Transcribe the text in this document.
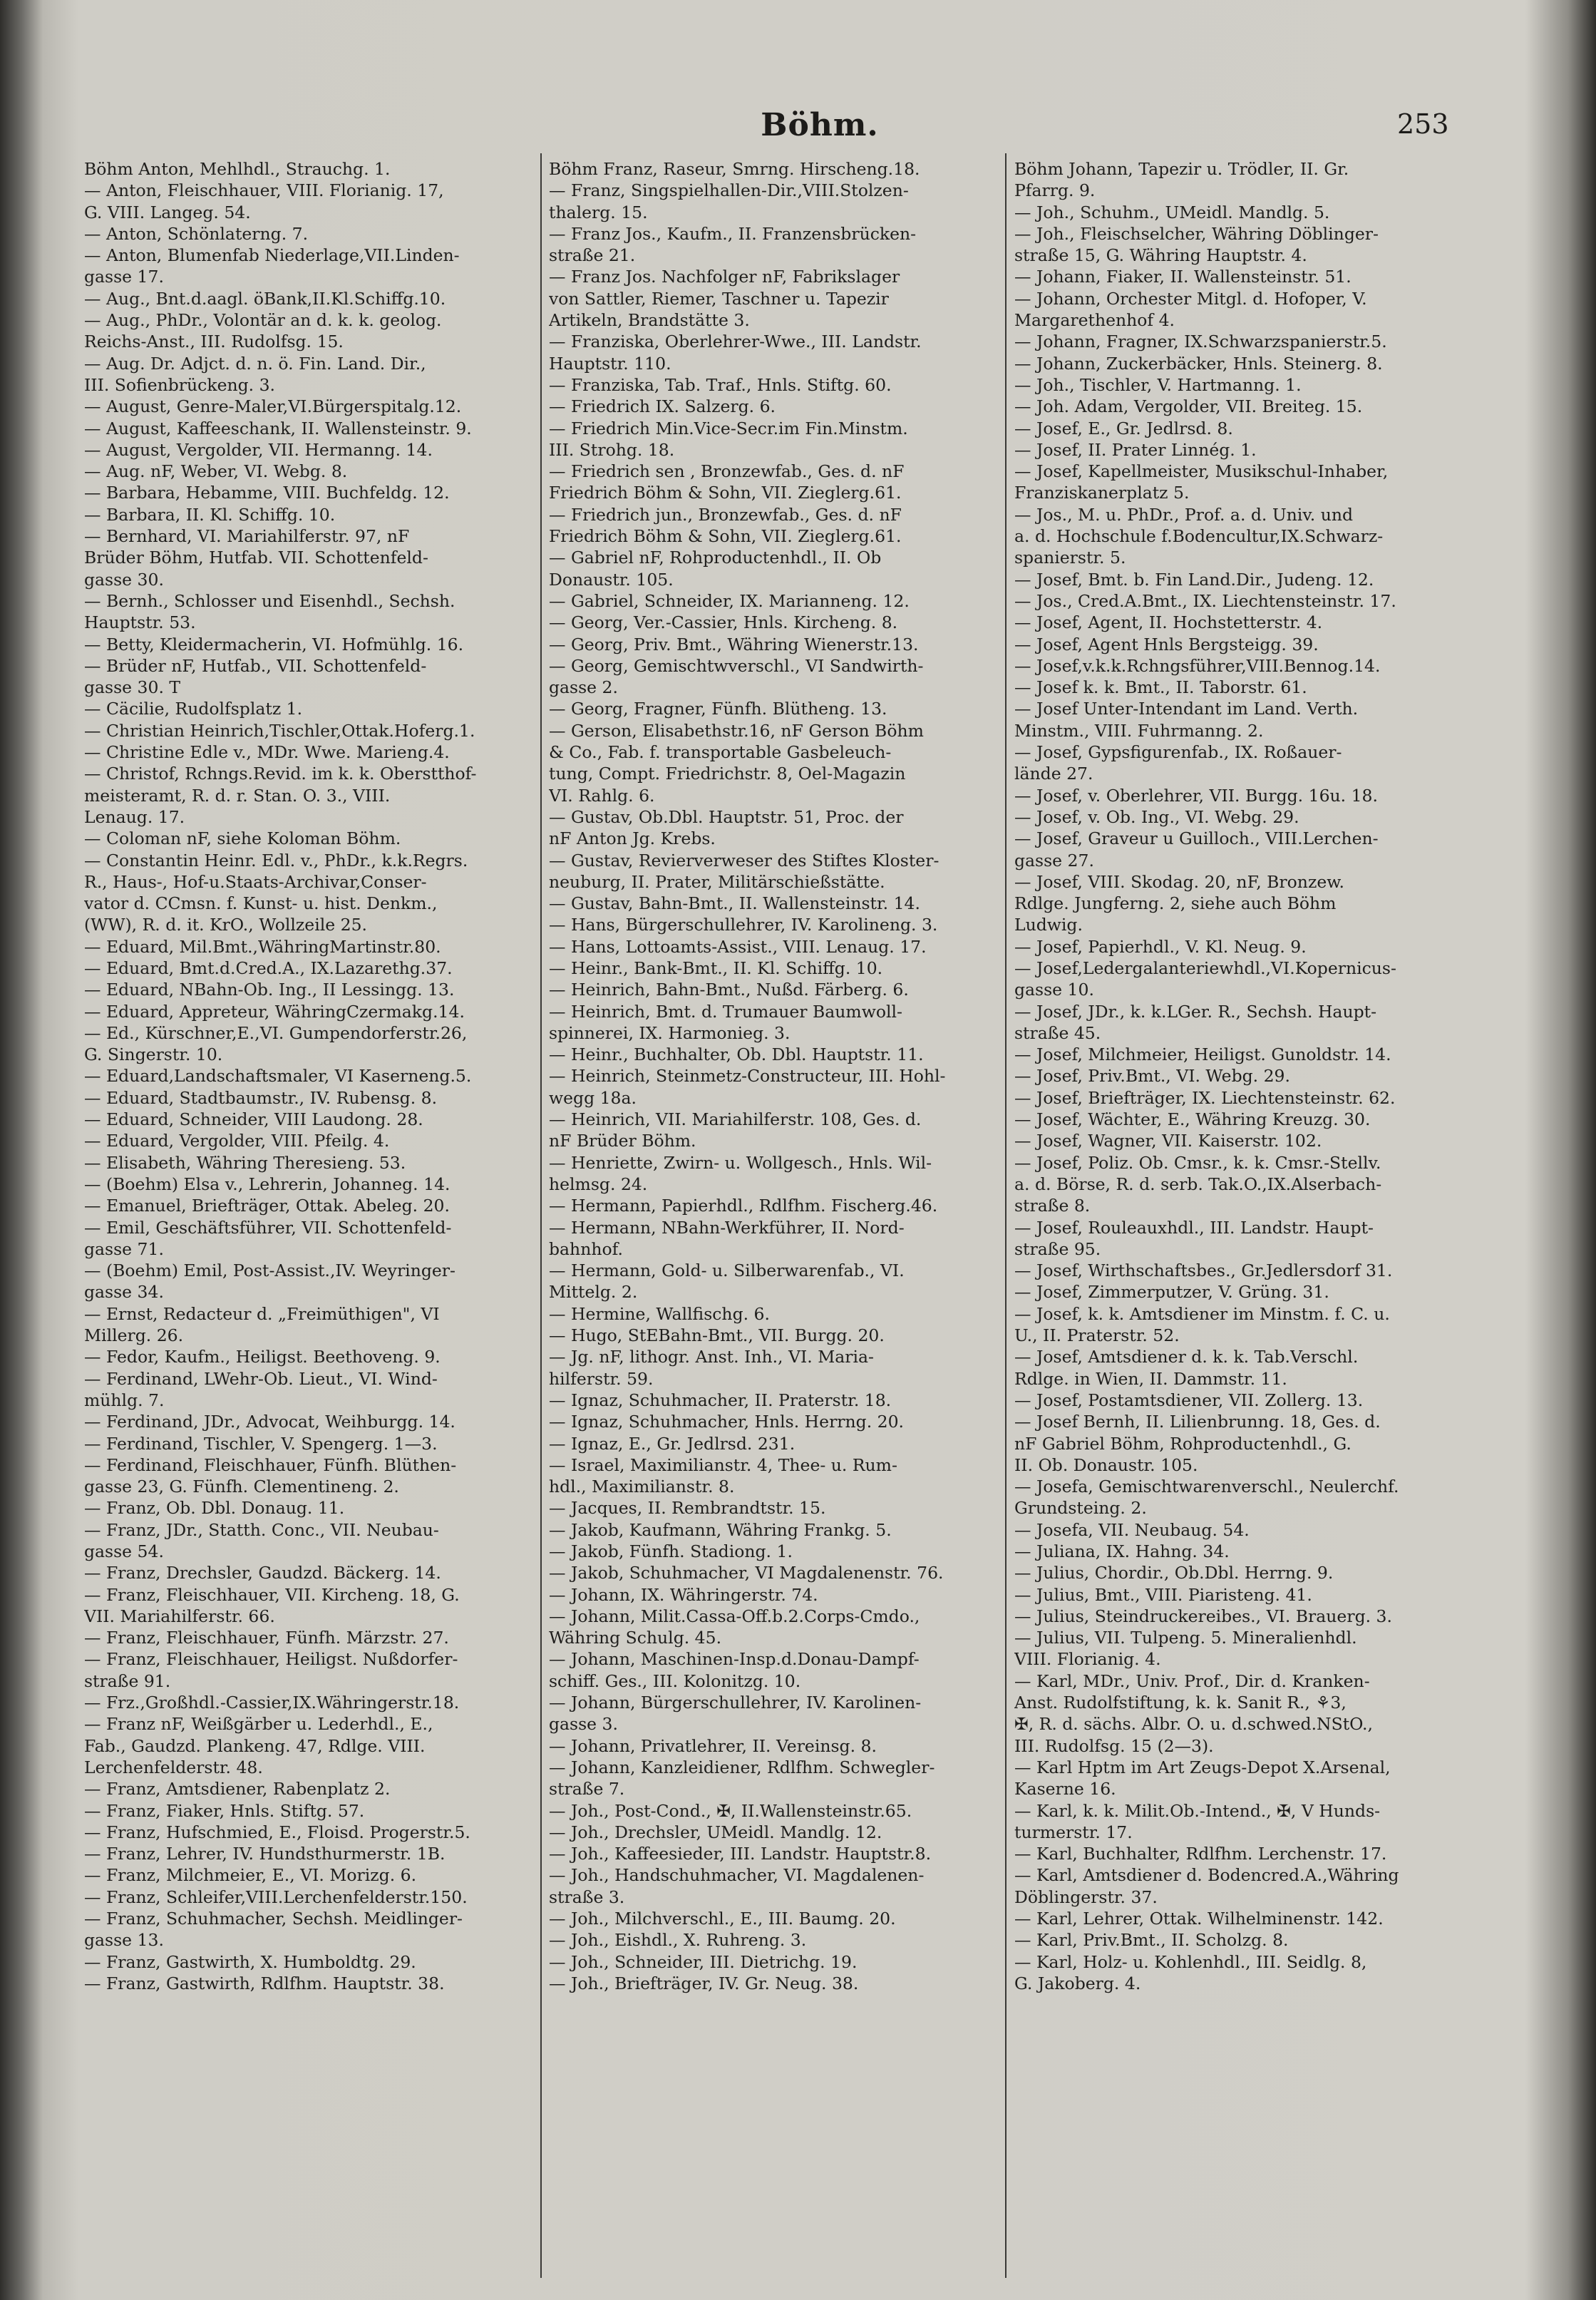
Böhm.	253
Böhm Anton, Mehlhdl., Strauchg. 1.
— Anton, Fleischhauer, VIII. Florianig. 17,
G. VIII. Langeg. 54.
— Anton, Schönlaterng. 7.
— Anton, Blumenfab Niederlage,VII.Linden-
gasse 17.
— Aug., Bnt.d.aagl. öBank,II.Kl.Schiffg.10.
— Aug., PhDr., Volontär an d. k. k. geolog.
Reichs-Anst., III. Rudolfsg. 15.
— Aug. Dr. Adjct. d. n. ö. Fin. Land. Dir.,
III. Sofienbrückeng. 3.
— August, Genre-Maler,VI.Bürgerspitalg.12.
— August, Kaffeeschank, II. Wallensteinstr. 9.
— August, Vergolder, VII. Hermanng. 14.
— Aug. nF, Weber, VI. Webg. 8.
— Barbara, Hebamme, VIII. Buchfeldg. 12.
— Barbara, II. Kl. Schiffg. 10.
— Bernhard, VI. Mariahilferstr. 97, nF
Brüder Böhm, Hutfab. VII. Schottenfeld-
gasse 30.
— Bernh., Schlosser und Eisenhdl., Sechsh.
Hauptstr. 53.
— Betty, Kleidermacherin, VI. Hofmühlg. 16.
— Brüder nF, Hutfab., VII. Schottenfeld-
gasse 30. T
— Cäcilie, Rudolfsplatz 1.
— Christian Heinrich,Tischler,Ottak.Hoferg.1.
— Christine Edle v., MDr. Wwe. Marieng.4.
— Christof, Rchngs.Revid. im k. k. Oberstthof-
meisteramt, R. d. r. Stan. O. 3., VIII.
Lenaug. 17.
— Coloman nF, siehe Koloman Böhm.
— Constantin Heinr. Edl. v., PhDr., k.k.Regrs.
R., Haus-, Hof-u.Staats-Archivar,Conser-
vator d. CCmsn. f. Kunst- u. hist. Denkm.,
(WW), R. d. it. KrO., Wollzeile 25.
— Eduard, Mil.Bmt.,WähringMartinstr.80.
— Eduard, Bmt.d.Cred.A., IX.Lazarethg.37.
— Eduard, NBahn-Ob. Ing., II Lessingg. 13.
— Eduard, Appreteur, WähringCzermakg.14.
— Ed., Kürschner,E.,VI. Gumpendorferstr.26,
G. Singerstr. 10.
— Eduard,Landschaftsmaler, VI Kaserneng.5.
— Eduard, Stadtbaumstr., IV. Rubensg. 8.
— Eduard, Schneider, VIII Laudong. 28.
— Eduard, Vergolder, VIII. Pfeilg. 4.
— Elisabeth, Währing Theresieng. 53.
— (Boehm) Elsa v., Lehrerin, Johanneg. 14.
— Emanuel, Briefträger, Ottak. Abeleg. 20.
— Emil, Geschäftsführer, VII. Schottenfeld-
gasse 71.
— (Boehm) Emil, Post-Assist.,IV. Weyringer-
gasse 34.
— Ernst, Redacteur d. „Freimüthigen", VI
Millerg. 26.
— Fedor, Kaufm., Heiligst. Beethoveng. 9.
— Ferdinand, LWehr-Ob. Lieut., VI. Wind-
mühlg. 7.
— Ferdinand, JDr., Advocat, Weihburgg. 14.
— Ferdinand, Tischler, V. Spengerg. 1—3.
— Ferdinand, Fleischhauer, Fünfh. Blüthen-
gasse 23, G. Fünfh. Clementineng. 2.
— Franz, Ob. Dbl. Donaug. 11.
— Franz, JDr., Statth. Conc., VII. Neubau-
gasse 54.
— Franz, Drechsler, Gaudzd. Bäckerg. 14.
— Franz, Fleischhauer, VII. Kircheng. 18, G.
VII. Mariahilferstr. 66.
— Franz, Fleischhauer, Fünfh. Märzstr. 27.
— Franz, Fleischhauer, Heiligst. Nußdorfer-
straße 91.
— Frz.,Großhdl.-Cassier,IX.Währingerstr.18.
— Franz nF, Weißgärber u. Lederhdl., E.,
Fab., Gaudzd. Plankeng. 47, Rdlge. VIII.
Lerchenfelderstr. 48.
— Franz, Amtsdiener, Rabenplatz 2.
— Franz, Fiaker, Hnls. Stiftg. 57.
— Franz, Hufschmied, E., Floisd. Progerstr.5.
— Franz, Lehrer, IV. Hundsthurmerstr. 1B.
— Franz, Milchmeier, E., VI. Morizg. 6.
— Franz, Schleifer,VIII.Lerchenfelderstr.150.
— Franz, Schuhmacher, Sechsh. Meidlinger-
gasse 13.
— Franz, Gastwirth, X. Humboldtg. 29.
— Franz, Gastwirth, Rdlfhm. Hauptstr. 38.
Böhm Franz, Raseur, Smrng. Hirscheng.18.
— Franz, Singspielhallen-Dir.,VIII.Stolzen-
thalerg. 15.
— Franz Jos., Kaufm., II. Franzensbrücken-
straße 21.
— Franz Jos. Nachfolger nF, Fabrikslager
von Sattler, Riemer, Taschner u. Tapezir
Artikeln, Brandstätte 3.
— Franziska, Oberlehrer-Wwe., III. Landstr.
Hauptstr. 110.
— Franziska, Tab. Traf., Hnls. Stiftg. 60.
— Friedrich IX. Salzerg. 6.
— Friedrich Min.Vice-Secr.im Fin.Minstm.
III. Strohg. 18.
— Friedrich sen , Bronzewfab., Ges. d. nF
Friedrich Böhm & Sohn, VII. Zieglerg.61.
— Friedrich jun., Bronzewfab., Ges. d. nF
Friedrich Böhm & Sohn, VII. Zieglerg.61.
— Gabriel nF, Rohproductenhdl., II. Ob
Donaustr. 105.
— Gabriel, Schneider, IX. Marianneng. 12.
— Georg, Ver.-Cassier, Hnls. Kircheng. 8.
— Georg, Priv. Bmt., Währing Wienerstr.13.
— Georg, Gemischtwverschl., VI Sandwirth-
gasse 2.
— Georg, Fragner, Fünfh. Blütheng. 13.
— Gerson, Elisabethstr.16, nF Gerson Böhm
& Co., Fab. f. transportable Gasbeleuch-
tung, Compt. Friedrichstr. 8, Oel-Magazin
VI. Rahlg. 6.
— Gustav, Ob.Dbl. Hauptstr. 51, Proc. der
nF Anton Jg. Krebs.
— Gustav, Revierverweser des Stiftes Kloster-
neuburg, II. Prater, Militärschießstätte.
— Gustav, Bahn-Bmt., II. Wallensteinstr. 14.
— Hans, Bürgerschullehrer, IV. Karolineng. 3.
— Hans, Lottoamts-Assist., VIII. Lenaug. 17.
— Heinr., Bank-Bmt., II. Kl. Schiffg. 10.
— Heinrich, Bahn-Bmt., Nußd. Färberg. 6.
— Heinrich, Bmt. d. Trumauer Baumwoll-
spinnerei, IX. Harmonieg. 3.
— Heinr., Buchhalter, Ob. Dbl. Hauptstr. 11.
— Heinrich, Steinmetz-Constructeur, III. Hohl-
wegg 18a.
— Heinrich, VII. Mariahilferstr. 108, Ges. d.
nF Brüder Böhm.
— Henriette, Zwirn- u. Wollgesch., Hnls. Wil-
helmsg. 24.
— Hermann, Papierhdl., Rdlfhm. Fischerg.46.
— Hermann, NBahn-Werkführer, II. Nord-
bahnhof.
— Hermann, Gold- u. Silberwarenfab., VI.
Mittelg. 2.
— Hermine, Wallfischg. 6.
— Hugo, StEBahn-Bmt., VII. Burgg. 20.
— Jg. nF, lithogr. Anst. Inh., VI. Maria-
hilferstr. 59.
— Ignaz, Schuhmacher, II. Praterstr. 18.
— Ignaz, Schuhmacher, Hnls. Herrng. 20.
— Ignaz, E., Gr. Jedlrsd. 231.
— Israel, Maximilianstr. 4, Thee- u. Rum-
hdl., Maximilianstr. 8.
— Jacques, II. Rembrandtstr. 15.
— Jakob, Kaufmann, Währing Frankg. 5.
— Jakob, Fünfh. Stadiong. 1.
— Jakob, Schuhmacher, VI Magdalenenstr. 76.
— Johann, IX. Währingerstr. 74.
— Johann, Milit.Cassa-Off.b.2.Corps-Cmdo.,
Währing Schulg. 45.
— Johann, Maschinen-Insp.d.Donau-Dampf-
schiff. Ges., III. Kolonitzg. 10.
— Johann, Bürgerschullehrer, IV. Karolinen-
gasse 3.
— Johann, Privatlehrer, II. Vereinsg. 8.
— Johann, Kanzleidiener, Rdlfhm. Schwegler-
straße 7.
— Joh., Post-Cond., ✠, II.Wallensteinstr.65.
— Joh., Drechsler, UMeidl. Mandlg. 12.
— Joh., Kaffeesieder, III. Landstr. Hauptstr.8.
— Joh., Handschuhmacher, VI. Magdalenen-
straße 3.
— Joh., Milchverschl., E., III. Baumg. 20.
— Joh., Eishdl., X. Ruhreng. 3.
— Joh., Schneider, III. Dietrichg. 19.
— Joh., Briefträger, IV. Gr. Neug. 38.
Böhm Johann, Tapezir u. Trödler, II. Gr.
Pfarrg. 9.
— Joh., Schuhm., UMeidl. Mandlg. 5.
— Joh., Fleischselcher, Währing Döblinger-
straße 15, G. Währing Hauptstr. 4.
— Johann, Fiaker, II. Wallensteinstr. 51.
— Johann, Orchester Mitgl. d. Hofoper, V.
Margarethenhof 4.
— Johann, Fragner, IX.Schwarzspanierstr.5.
— Johann, Zuckerbäcker, Hnls. Steinerg. 8.
— Joh., Tischler, V. Hartmanng. 1.
— Joh. Adam, Vergolder, VII. Breiteg. 15.
— Josef, E., Gr. Jedlrsd. 8.
— Josef, II. Prater Linnég. 1.
— Josef, Kapellmeister, Musikschul-Inhaber,
Franziskanerplatz 5.
— Jos., M. u. PhDr., Prof. a. d. Univ. und
a. d. Hochschule f.Bodencultur,IX.Schwarz-
spanierstr. 5.
— Josef, Bmt. b. Fin Land.Dir., Judeng. 12.
— Jos., Cred.A.Bmt., IX. Liechtensteinstr. 17.
— Josef, Agent, II. Hochstetterstr. 4.
— Josef, Agent Hnls Bergsteigg. 39.
— Josef,v.k.k.Rchngsführer,VIII.Bennog.14.
— Josef k. k. Bmt., II. Taborstr. 61.
— Josef Unter-Intendant im Land. Verth.
Minstm., VIII. Fuhrmanng. 2.
— Josef, Gypsfigurenfab., IX. Roßauer-
lände 27.
— Josef, v. Oberlehrer, VII. Burgg. 16u. 18.
— Josef, v. Ob. Ing., VI. Webg. 29.
— Josef, Graveur u Guilloch., VIII.Lerchen-
gasse 27.
— Josef, VIII. Skodag. 20, nF, Bronzew.
Rdlge. Jungferng. 2, siehe auch Böhm
Ludwig.
— Josef, Papierhdl., V. Kl. Neug. 9.
— Josef,Ledergalanteriewhdl.,VI.Kopernicus-
gasse 10.
— Josef, JDr., k. k.LGer. R., Sechsh. Haupt-
straße 45.
— Josef, Milchmeier, Heiligst. Gunoldstr. 14.
— Josef, Priv.Bmt., VI. Webg. 29.
— Josef, Briefträger, IX. Liechtensteinstr. 62.
— Josef, Wächter, E., Währing Kreuzg. 30.
— Josef, Wagner, VII. Kaiserstr. 102.
— Josef, Poliz. Ob. Cmsr., k. k. Cmsr.-Stellv.
a. d. Börse, R. d. serb. Tak.O.,IX.Alserbach-
straße 8.
— Josef, Rouleauxhdl., III. Landstr. Haupt-
straße 95.
— Josef, Wirthschaftsbes., Gr.Jedlersdorf 31.
— Josef, Zimmerputzer, V. Grüng. 31.
— Josef, k. k. Amtsdiener im Minstm. f. C. u.
U., II. Praterstr. 52.
— Josef, Amtsdiener d. k. k. Tab.Verschl.
Rdlge. in Wien, II. Dammstr. 11.
— Josef, Postamtsdiener, VII. Zollerg. 13.
— Josef Bernh, II. Lilienbrunng. 18, Ges. d.
nF Gabriel Böhm, Rohproductenhdl., G.
II. Ob. Donaustr. 105.
— Josefa, Gemischtwarenverschl., Neulerchf.
Grundsteing. 2.
— Josefa, VII. Neubaug. 54.
— Juliana, IX. Hahng. 34.
— Julius, Chordir., Ob.Dbl. Herrng. 9.
— Julius, Bmt., VIII. Piaristeng. 41.
— Julius, Steindruckereibes., VI. Brauerg. 3.
— Julius, VII. Tulpeng. 5. Mineralienhdl.
VIII. Florianig. 4.
— Karl, MDr., Univ. Prof., Dir. d. Kranken-
Anst. Rudolfstiftung, k. k. Sanit R., ⚘3,
✠, R. d. sächs. Albr. O. u. d.schwed.NStO.,
III. Rudolfsg. 15 (2—3).
— Karl Hptm im Art Zeugs-Depot X.Arsenal,
Kaserne 16.
— Karl, k. k. Milit.Ob.-Intend., ✠, V Hunds-
turmerstr. 17.
— Karl, Buchhalter, Rdlfhm. Lerchenstr. 17.
— Karl, Amtsdiener d. Bodencred.A.,Währing
Döblingerstr. 37.
— Karl, Lehrer, Ottak. Wilhelminenstr. 142.
— Karl, Priv.Bmt., II. Scholzg. 8.
— Karl, Holz- u. Kohlenhdl., III. Seidlg. 8,
G. Jakoberg. 4.
